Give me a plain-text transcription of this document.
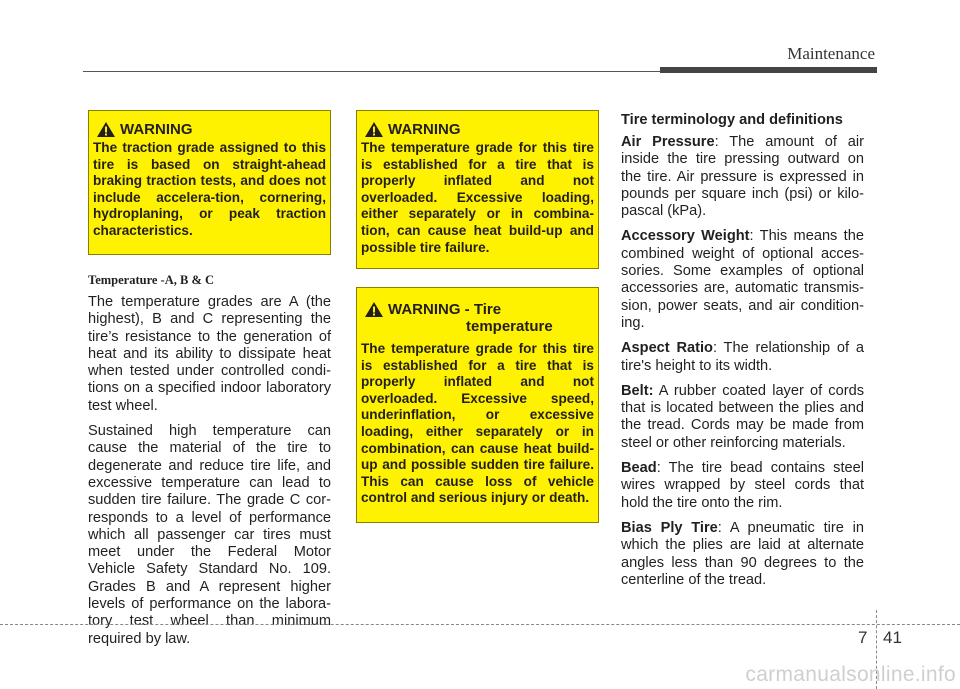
Maintenance
WARNING
The traction grade assigned to this tire is based on straight-ahead braking traction tests, and does not include accelera-tion, cornering, hydroplaning, or peak traction characteristics.
Temperature -A, B & C

The temperature grades are A (the highest), B and C representing the tire’s resistance to the generation of heat and its ability to dissipate heat when tested under controlled condi-tions on a specified indoor laboratory test wheel.

Sustained high temperature can cause the material of the tire to degenerate and reduce tire life, and excessive temperature can lead to sudden tire failure. The grade C cor-responds to a level of performance which all passenger car tires must meet under the Federal Motor Vehicle Safety Standard No. 109. Grades B and A represent higher levels of performance on the labora-tory test wheel than minimum required by law.

WARNING
The temperature grade for this tire is established for a tire that is properly inflated and not overloaded. Excessive loading, either separately or in combina-tion, can cause heat build-up and possible tire failure.
WARNING - Tire
temperature
The temperature grade for this tire is established for a tire that is properly inflated and not overloaded. Excessive speed, underinflation, or excessive loading, either separately or in combination, can cause heat build-up and possible sudden tire failure. This can cause loss of vehicle control and serious injury or death.

Tire terminology and definitions

Air Pressure: The amount of air inside the tire pressing outward on the tire. Air pressure is expressed in pounds per square inch (psi) or kilo-pascal (kPa).

Accessory Weight: This means the combined weight of optional acces-sories. Some examples of optional accessories are, automatic transmis-sion, power seats, and air condition-ing.

Aspect Ratio: The relationship of a tire's height to its width.

Belt: A rubber coated layer of cords that is located between the plies and the tread. Cords may be made from steel or other reinforcing materials.

Bead: The tire bead contains steel wires wrapped by steel cords that hold the tire onto the rim.

Bias Ply Tire: A pneumatic tire in which the plies are laid at alternate angles less than 90 degrees to the centerline of the tread.

7 41
carmanualsonline.info
